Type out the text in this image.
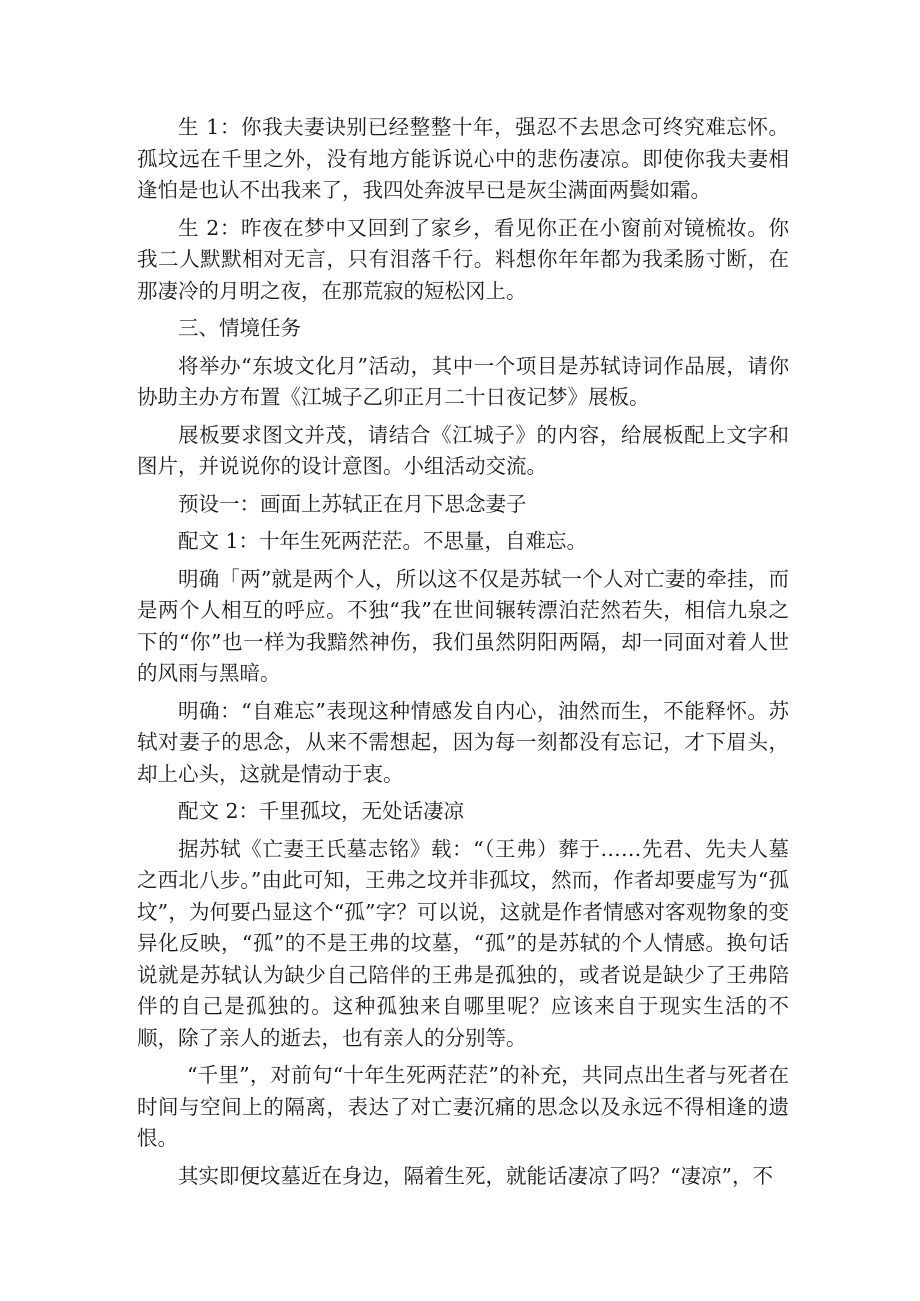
生 1：你我夫妻诀别已经整整十年，强忍不去思念可终究难忘怀。孤坟远在千里之外，没有地方能诉说心中的悲伤凄凉。即使你我夫妻相逢怕是也认不出我来了，我四处奔波早已是灰尘满面两鬓如霜。

生 2：昨夜在梦中又回到了家乡，看见你正在小窗前对镜梳妆。你我二人默默相对无言，只有泪落千行。料想你年年都为我柔肠寸断，在那凄冷的月明之夜，在那荒寂的短松冈上。

三、情境任务

将举办“东坡文化月”活动，其中一个项目是苏轼诗词作品展，请你协助主办方布置《江城子乙卯正月二十日夜记梦》展板。

展板要求图文并茂，请结合《江城子》的内容，给展板配上文字和图片，并说说你的设计意图。小组活动交流。

预设一：画面上苏轼正在月下思念妻子

配文 1：十年生死两茫茫。不思量，自难忘。

明确「两”就是两个人，所以这不仅是苏轼一个人对亡妻的牵挂，而是两个人相互的呼应。不独“我”在世间辗转漂泊茫然若失，相信九泉之下的“你”也一样为我黯然神伤，我们虽然阴阳两隔，却一同面对着人世的风雨与黑暗。

明确：“自难忘”表现这种情感发自内心，油然而生，不能释怀。苏轼对妻子的思念，从来不需想起，因为每一刻都没有忘记，才下眉头，却上心头，这就是情动于衷。

配文 2：千里孤坟，无处话凄凉

据苏轼《亡妻王氏墓志铭》载：“（王弗）葬于……先君、先夫人墓之西北八步。”由此可知，王弗之坟并非孤坟，然而，作者却要虚写为“孤坟”，为何要凸显这个“孤”字？可以说，这就是作者情感对客观物象的变异化反映，“孤”的不是王弗的坟墓，“孤”的是苏轼的个人情感。换句话说就是苏轼认为缺少自己陪伴的王弗是孤独的，或者说是缺少了王弗陪伴的自己是孤独的。这种孤独来自哪里呢？应该来自于现实生活的不顺，除了亲人的逝去，也有亲人的分别等。

“千里”，对前句“十年生死两茫茫”的补充，共同点出生者与死者在时间与空间上的隔离，表达了对亡妻沉痛的思念以及永远不得相逢的遗恨。

其实即便坟墓近在身边，隔着生死，就能话凄凉了吗？“凄凉”，不
